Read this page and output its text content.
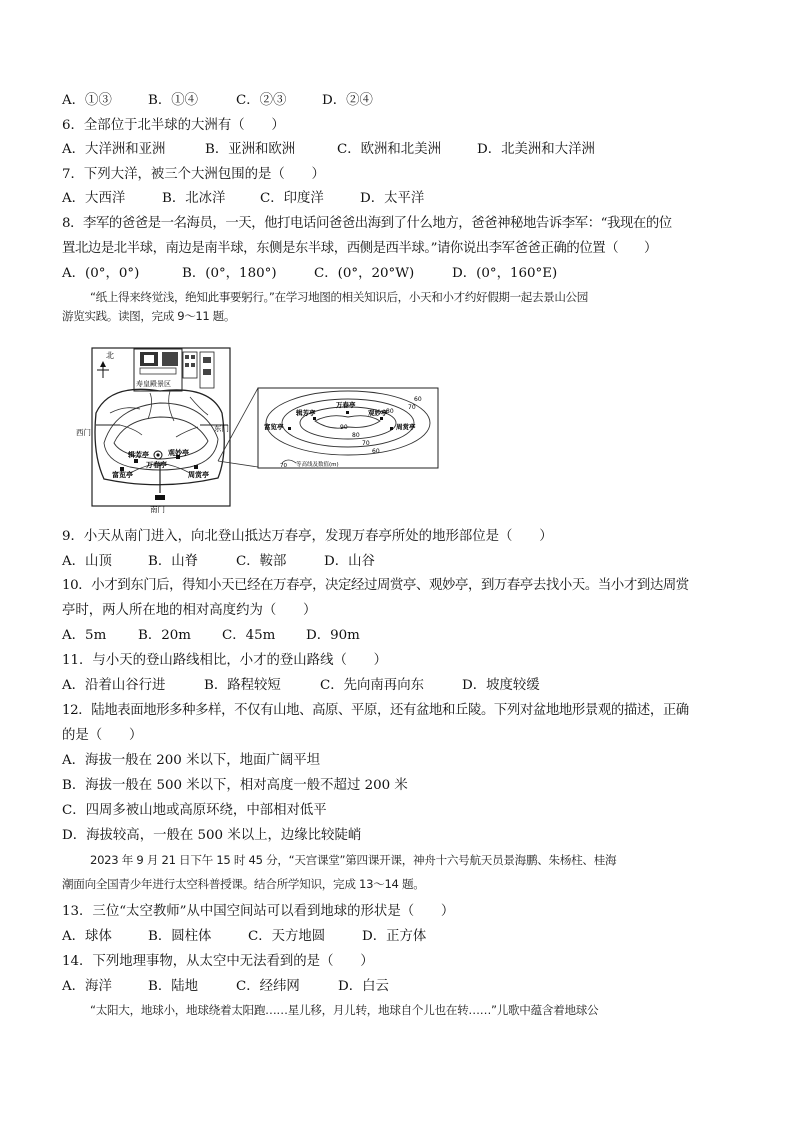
A．①③	B．①④	C．②③	D．②④
6．全部位于北半球的大洲有（　　）
A．大洋洲和亚洲	B．亚洲和欧洲	C．欧洲和北美洲	D．北美洲和大洋洲
7．下列大洋，被三个大洲包围的是（　　）
A．大西洋	B．北冰洋	C．印度洋	D．太平洋
8．李军的爸爸是一名海员，一天，他打电话问爸爸出海到了什么地方，爸爸神秘地告诉李军：“我现在的位
置北边是北半球，南边是南半球，东侧是东半球，西侧是西半球。”请你说出李军爸爸正确的位置（　　）
A．(0°，0°)	B．(0°，180°)	C．(0°，20°W)	D．(0°，160°E)
“纸上得来终觉浅，绝知此事要躬行。”在学习地图的相关知识后，小天和小才约好假期一起去景山公园
游览实践。读图，完成 9～11 题。
北
寿皇殿景区
辑芳亭
万春亭
观妙亭
富览亭	周赏亭
西门	东门
南门
辑芳亭
万春亭
观妙亭
富览亭	周赏亭
60
70
80
90
80
70
60
70 等高线及数值(m)
9．小天从南门进入，向北登山抵达万春亭，发现万春亭所处的地形部位是（　　）
A．山顶	B．山脊	C．鞍部	D．山谷
10．小才到东门后，得知小天已经在万春亭，决定经过周赏亭、观妙亭，到万春亭去找小天。当小才到达周赏
亭时，两人所在地的相对高度约为（　　）
A．5m B．20m C．45m D．90m
11．与小天的登山路线相比，小才的登山路线（　　）
A．沿着山谷行进	B．路程较短	C．先向南再向东	D．坡度较缓
12．陆地表面地形多种多样，不仅有山地、高原、平原，还有盆地和丘陵。下列对盆地地形景观的描述，正确
的是（　　）
A．海拔一般在 200 米以下，地面广阔平坦
B．海拔一般在 500 米以下，相对高度一般不超过 200 米
C．四周多被山地或高原环绕，中部相对低平
D．海拔较高，一般在 500 米以上，边缘比较陡峭
2023 年 9 月 21 日下午 15 时 45 分，“天宫课堂”第四课开课，神舟十六号航天员景海鹏、朱杨柱、桂海
潮面向全国青少年进行太空科普授课。结合所学知识，完成 13～14 题。
13．三位“太空教师”从中国空间站可以看到地球的形状是（　　）
A．球体	B．圆柱体	C．天方地圆	D．正方体
14．下列地理事物，从太空中无法看到的是（　　）
A．海洋	B．陆地	C．经纬网	D．白云
“太阳大，地球小，地球绕着太阳跑……星儿移，月儿转，地球自个儿也在转……”儿歌中蕴含着地球公
